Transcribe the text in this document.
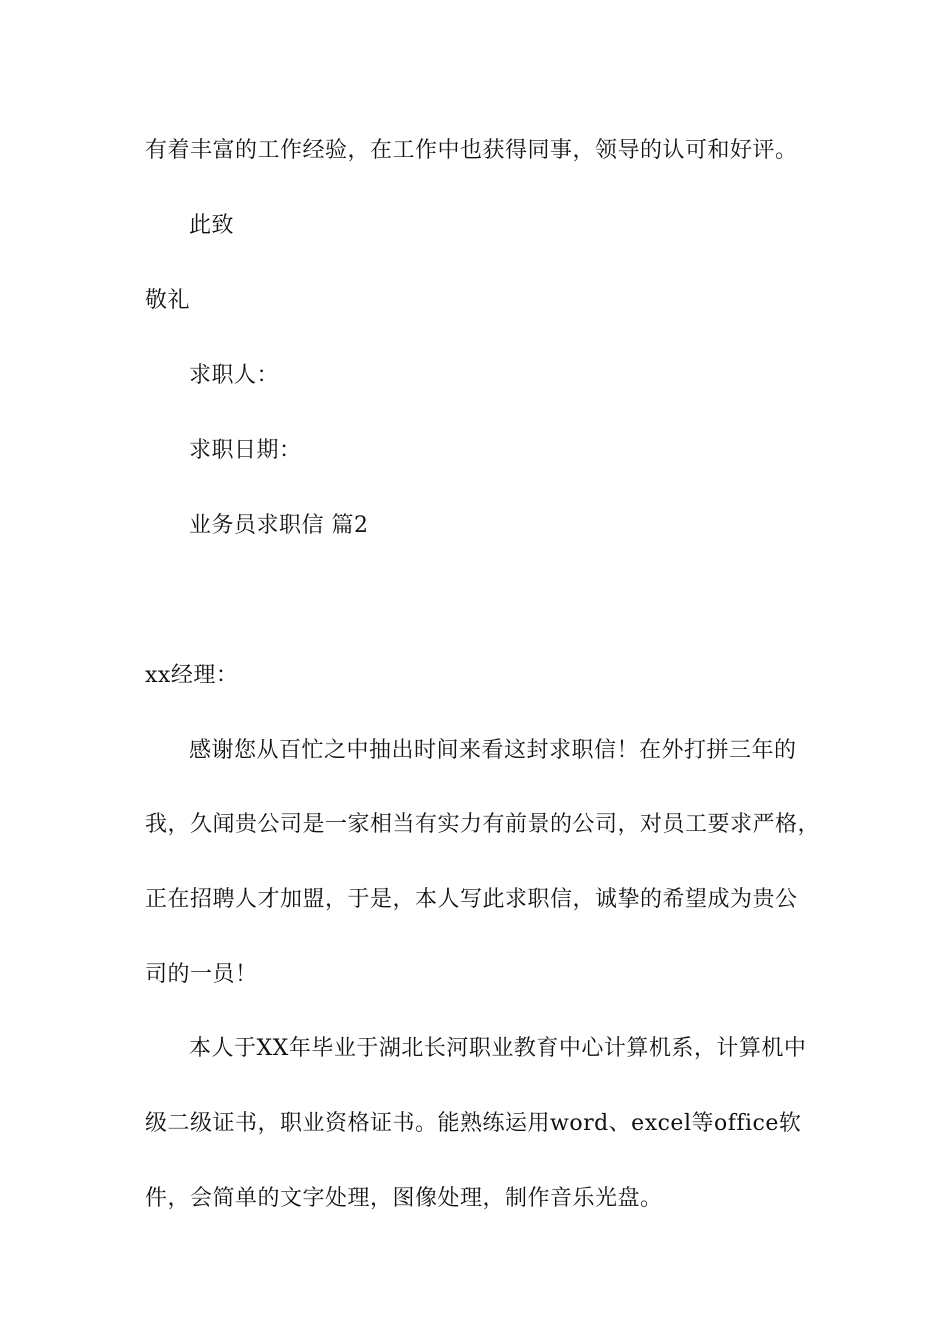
有着丰富的工作经验，在工作中也获得同事，领导的认可和好评。
此致
敬礼
求职人：
求职日期：
业务员求职信 篇2
xx经理：
感谢您从百忙之中抽出时间来看这封求职信！在外打拼三年的
我，久闻贵公司是一家相当有实力有前景的公司，对员工要求严格，
正在招聘人才加盟，于是，本人写此求职信，诚挚的希望成为贵公
司的一员！
本人于XX年毕业于湖北长河职业教育中心计算机系，计算机中
级二级证书，职业资格证书。能熟练运用word、excel等office软
件，会简单的文字处理，图像处理，制作音乐光盘。
